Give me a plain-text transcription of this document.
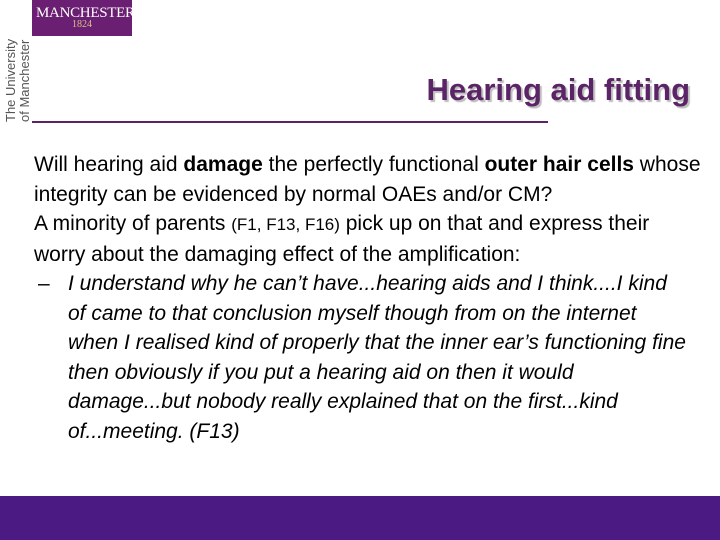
MANCHESTER
1824
The University of Manchester	Hearing aid fitting

Will hearing aid damage the perfectly functional outer hair cells whose integrity can be evidenced by normal OAEs and/or CM?

A minority of parents (F1, F13, F16) pick up on that and express their worry about the damaging effect of the amplification:

– I understand why he can’t have...hearing aids and I think....I kind of came to that conclusion myself though from on the internet when I realised kind of properly that the inner ear’s functioning fine then obviously if you put a hearing aid on then it would damage...but nobody really explained that on the first...kind of...meeting. (F13)
